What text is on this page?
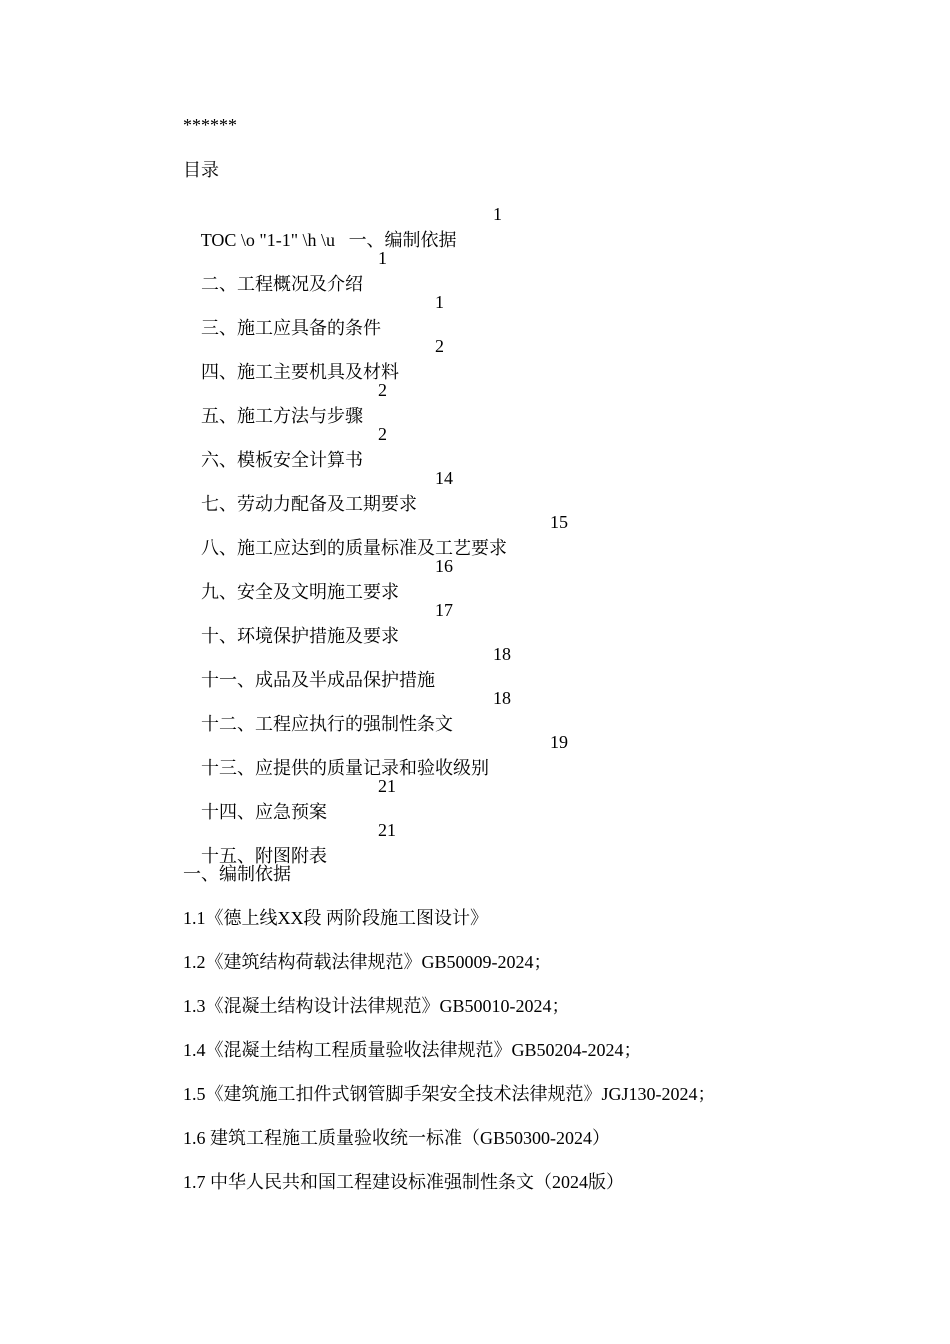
******
目录

TOC \o "1-1" \h \u   一、编制依据

1

二、工程概况及介绍

1

三、施工应具备的条件

1

四、施工主要机具及材料

2

五、施工方法与步骤

2

六、模板安全计算书

2

七、劳动力配备及工期要求

14

八、施工应达到的质量标准及工艺要求

15

九、安全及文明施工要求

16

十、环境保护措施及要求

17

十一、成品及半成品保护措施

18

十二、工程应执行的强制性条文

18

十三、应提供的质量记录和验收级别

19

十四、应急预案

21

十五、附图附表

21

一、编制依据
1.1《德上线XX段 两阶段施工图设计》
1.2《建筑结构荷载法律规范》GB50009-2024；
1.3《混凝土结构设计法律规范》GB50010-2024；
1.4《混凝土结构工程质量验收法律规范》GB50204-2024；
1.5《建筑施工扣件式钢管脚手架安全技术法律规范》JGJ130-2024；
1.6 建筑工程施工质量验收统一标准（GB50300-2024）
1.7 中华人民共和国工程建设标准强制性条文（2024版）
